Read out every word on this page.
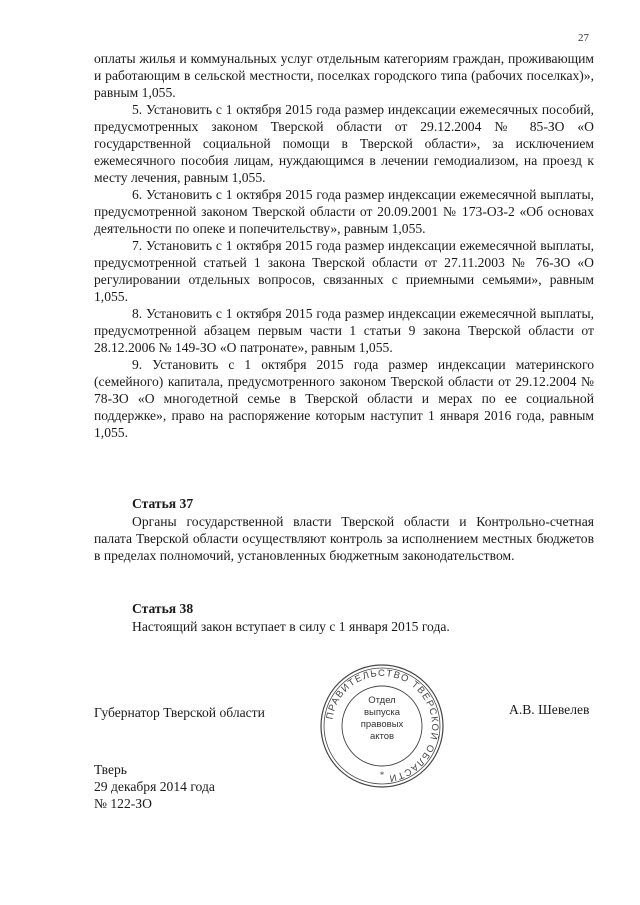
27

оплаты жилья и коммунальных услуг отдельным категориям граждан, проживающим и работающим в сельской местности, поселках городского типа (рабочих поселках)», равным 1,055.

5. Установить с 1 октября 2015 года размер индексации ежемесячных пособий, предусмотренных законом Тверской области от 29.12.2004 № 85-ЗО «О государственной социальной помощи в Тверской области», за исключением ежемесячного пособия лицам, нуждающимся в лечении гемодиализом, на проезд к месту лечения, равным 1,055.

6. Установить с 1 октября 2015 года размер индексации ежемесячной выплаты, предусмотренной законом Тверской области от 20.09.2001 № 173-ОЗ-2 «Об основах деятельности по опеке и попечительству», равным 1,055.

7. Установить с 1 октября 2015 года размер индексации ежемесячной выплаты, предусмотренной статьей 1 закона Тверской области от 27.11.2003 № 76-ЗО «О регулировании отдельных вопросов, связанных с приемными семьями», равным 1,055.

8. Установить с 1 октября 2015 года размер индексации ежемесячной выплаты, предусмотренной абзацем первым части 1 статьи 9 закона Тверской области от 28.12.2006 № 149-ЗО «О патронате», равным 1,055.

9. Установить с 1 октября 2015 года размер индексации материнского (семейного) капитала, предусмотренного законом Тверской области от 29.12.2004 № 78-ЗО «О многодетной семье в Тверской области и мерах по ее социальной поддержке», право на распоряжение которым наступит 1 января 2016 года, равным 1,055.

Статья 37

Органы государственной власти Тверской области и Контрольно-счетная палата Тверской области осуществляют контроль за исполнением местных бюджетов в пределах полномочий, установленных бюджетным законодательством.

Статья 38

Настоящий закон вступает в силу с 1 января 2015 года.

Губернатор Тверской области	ПРАВИТЕЛЬСТВО ТВЕРСКОЙ ОБЛАСТИ
*
Отдел
выпуска
правовых
актов
А.В. Шевелев
Тверь
29 декабря 2014 года
№ 122-ЗО
